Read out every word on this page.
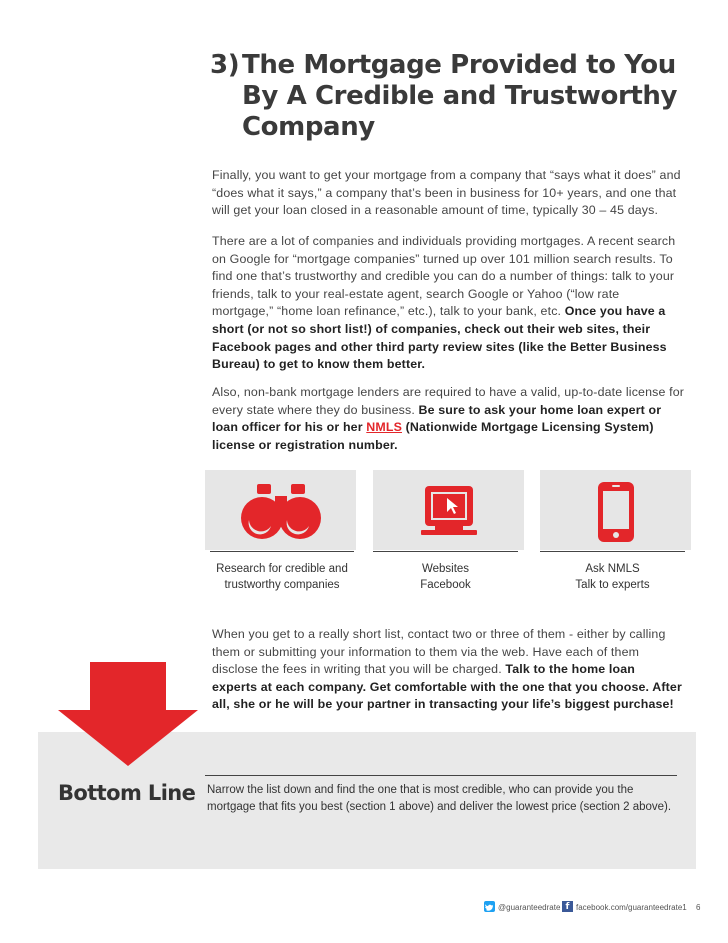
3) The Mortgage Provided to You
By A Credible and Trustworthy
Company
Finally, you want to get your mortgage from a company that “says what it does” and “does what it says,” a company that’s been in business for 10+ years, and one that will get your loan closed in a reasonable amount of time, typically 30 – 45 days.
There are a lot of companies and individuals providing mortgages. A recent search on Google for “mortgage companies” turned up over 101 million search results. To find one that’s trustworthy and credible you can do a number of things: talk to your friends, talk to your real-estate agent, search Google or Yahoo (“low rate mortgage,” “home loan refinance,” etc.), talk to your bank, etc. Once you have a short (or not so short list!) of companies, check out their web sites, their Facebook pages and other third party review sites (like the Better Business Bureau) to get to know them better.
Also, non-bank mortgage lenders are required to have a valid, up-to-date license for every state where they do business. Be sure to ask your home loan expert or loan officer for his or her NMLS (Nationwide Mortgage Licensing System) license or registration number.
Research for credible and
trustworthy companies
Websites
Facebook
Ask NMLS
Talk to experts
When you get to a really short list, contact two or three of them - either by calling them or submitting your information to them via the web. Have each of them disclose the fees in writing that you will be charged. Talk to the home loan experts at each company. Get comfortable with the one that you choose. After all, she or he will be your partner in transacting your life’s biggest purchase!
Bottom Line Narrow the list down and find the one that is most credible, who can provide you the mortgage that fits you best (section 1 above) and deliver the lowest price (section 2 above).
@guaranteedrate f facebook.com/guaranteedrate1 6
